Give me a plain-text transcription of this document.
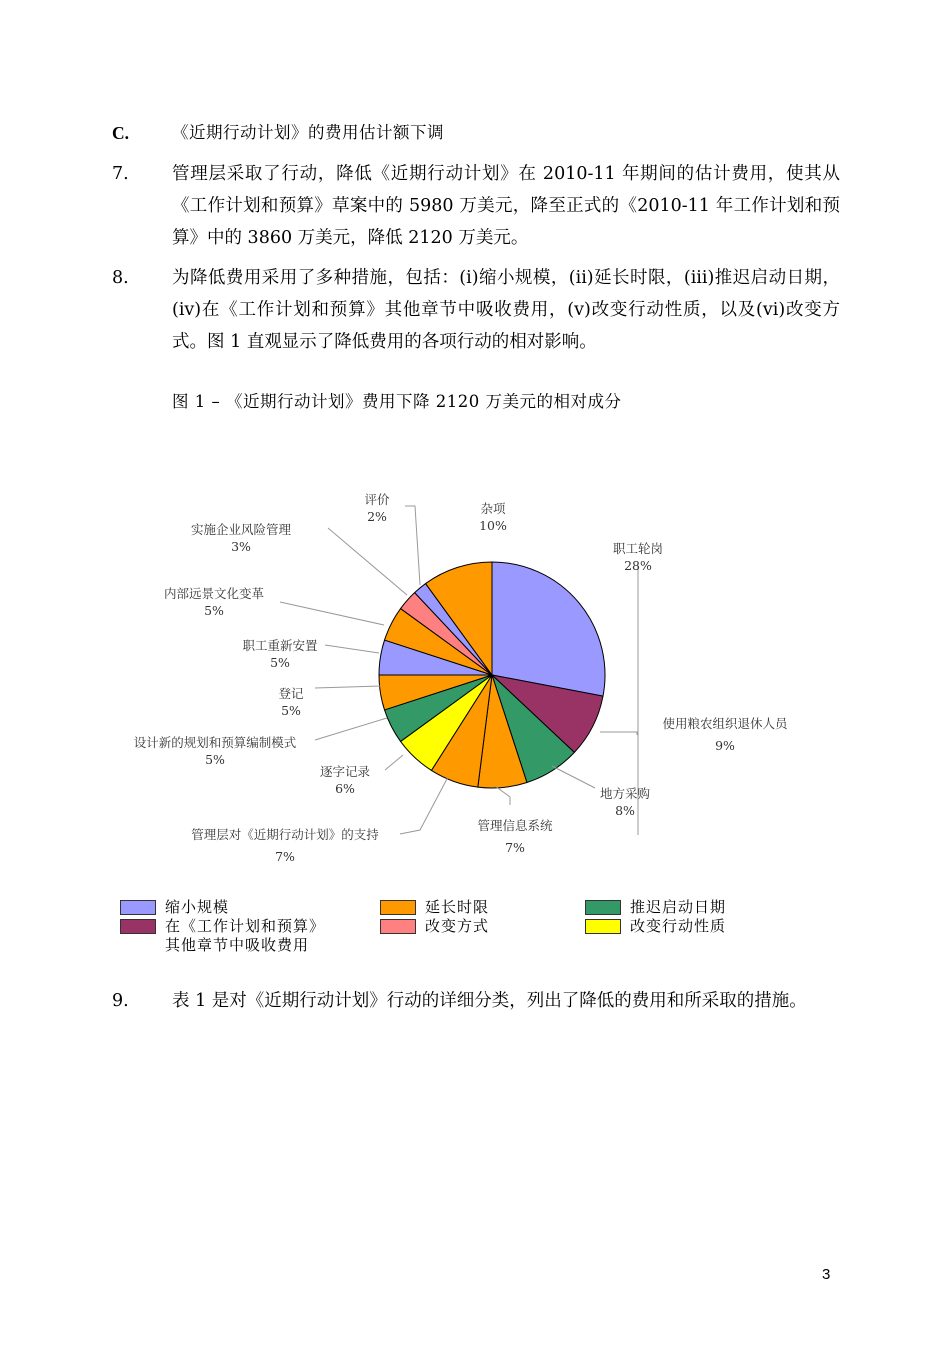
C.	《近期行动计划》的费用估计额下调
7. 管理层采取了行动，降低《近期行动计划》在 2010-11 年期间的估计费用，使其从《工作计划和预算》草案中的 5980 万美元，降至正式的《2010-11 年工作计划和预算》中的 3860 万美元，降低 2120 万美元。
8. 为降低费用采用了多种措施，包括：(i)缩小规模，(ii)延长时限，(iii)推迟启动日期，(iv)在《工作计划和预算》其他章节中吸收费用，(v)改变行动性质，以及(vi)改变方式。图 1 直观显示了降低费用的各项行动的相对影响。
图 1 – 《近期行动计划》费用下降 2120 万美元的相对成分
职工轮岗
28%
使用粮农组织退休人员
9%
地方采购
8%
管理信息系统
7%
管理层对《近期行动计划》的支持
7%
逐字记录
6%
设计新的规划和预算编制模式
5%
登记
5%
职工重新安置
5%
内部远景文化变革
5%
实施企业风险管理
3%
评价
2%
杂项
10%
缩小规模	延长时限	推迟启动日期
在《工作计划和预算》
其他章节中吸收费用
改变方式	改变行动性质
9. 表 1 是对《近期行动计划》行动的详细分类，列出了降低的费用和所采取的措施。
3
